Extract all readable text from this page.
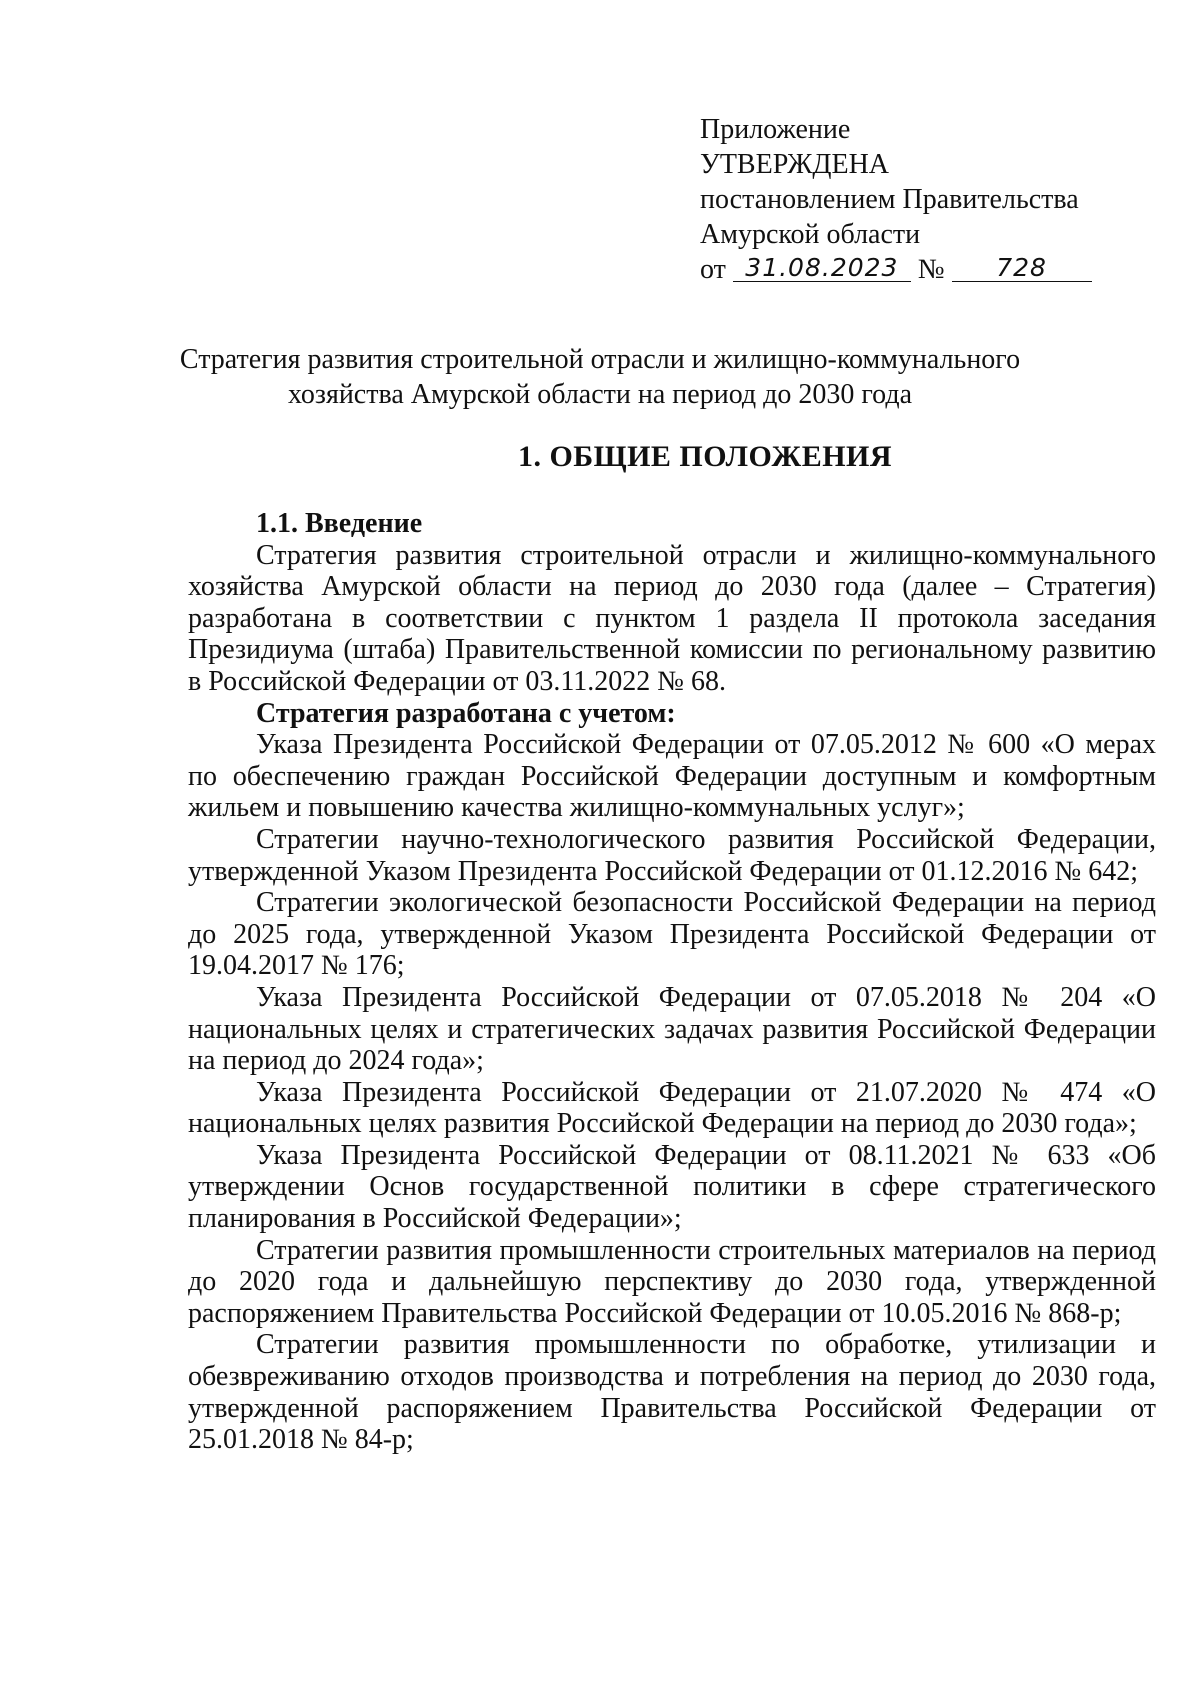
Приложение
УТВЕРЖДЕНА
постановлением Правительства
Амурской области
от 31.08.2023 № 728
Стратегия развития строительной отрасли и жилищно-коммунального
хозяйства Амурской области на период до 2030 года
1. ОБЩИЕ ПОЛОЖЕНИЯ

1.1. Введение

Стратегия развития строительной отрасли и жилищно-коммунального хозяйства Амурской области на период до 2030 года (далее – Стратегия) разработана в соответствии с пунктом 1 раздела II протокола заседания Президиума (штаба) Правительственной комиссии по региональному развитию в Российской Федерации от 03.11.2022 № 68.

Стратегия разработана с учетом:

Указа Президента Российской Федерации от 07.05.2012 № 600 «О мерах по обеспечению граждан Российской Федерации доступным и комфортным жильем и повышению качества жилищно-коммунальных услуг»;

Стратегии научно-технологического развития Российской Федерации, утвержденной Указом Президента Российской Федерации от 01.12.2016 № 642;

Стратегии экологической безопасности Российской Федерации на период до 2025 года, утвержденной Указом Президента Российской Федерации от 19.04.2017 № 176;

Указа Президента Российской Федерации от 07.05.2018 № 204 «О национальных целях и стратегических задачах развития Российской Федерации на период до 2024 года»;

Указа Президента Российской Федерации от 21.07.2020 № 474 «О национальных целях развития Российской Федерации на период до 2030 года»;

Указа Президента Российской Федерации от 08.11.2021 № 633 «Об утверждении Основ государственной политики в сфере стратегического планирования в Российской Федерации»;

Стратегии развития промышленности строительных материалов на период до 2020 года и дальнейшую перспективу до 2030 года, утвержденной распоряжением Правительства Российской Федерации от 10.05.2016 № 868-р;

Стратегии развития промышленности по обработке, утилизации и обезвреживанию отходов производства и потребления на период до 2030 года, утвержденной распоряжением Правительства Российской Федерации от 25.01.2018 № 84-р;
